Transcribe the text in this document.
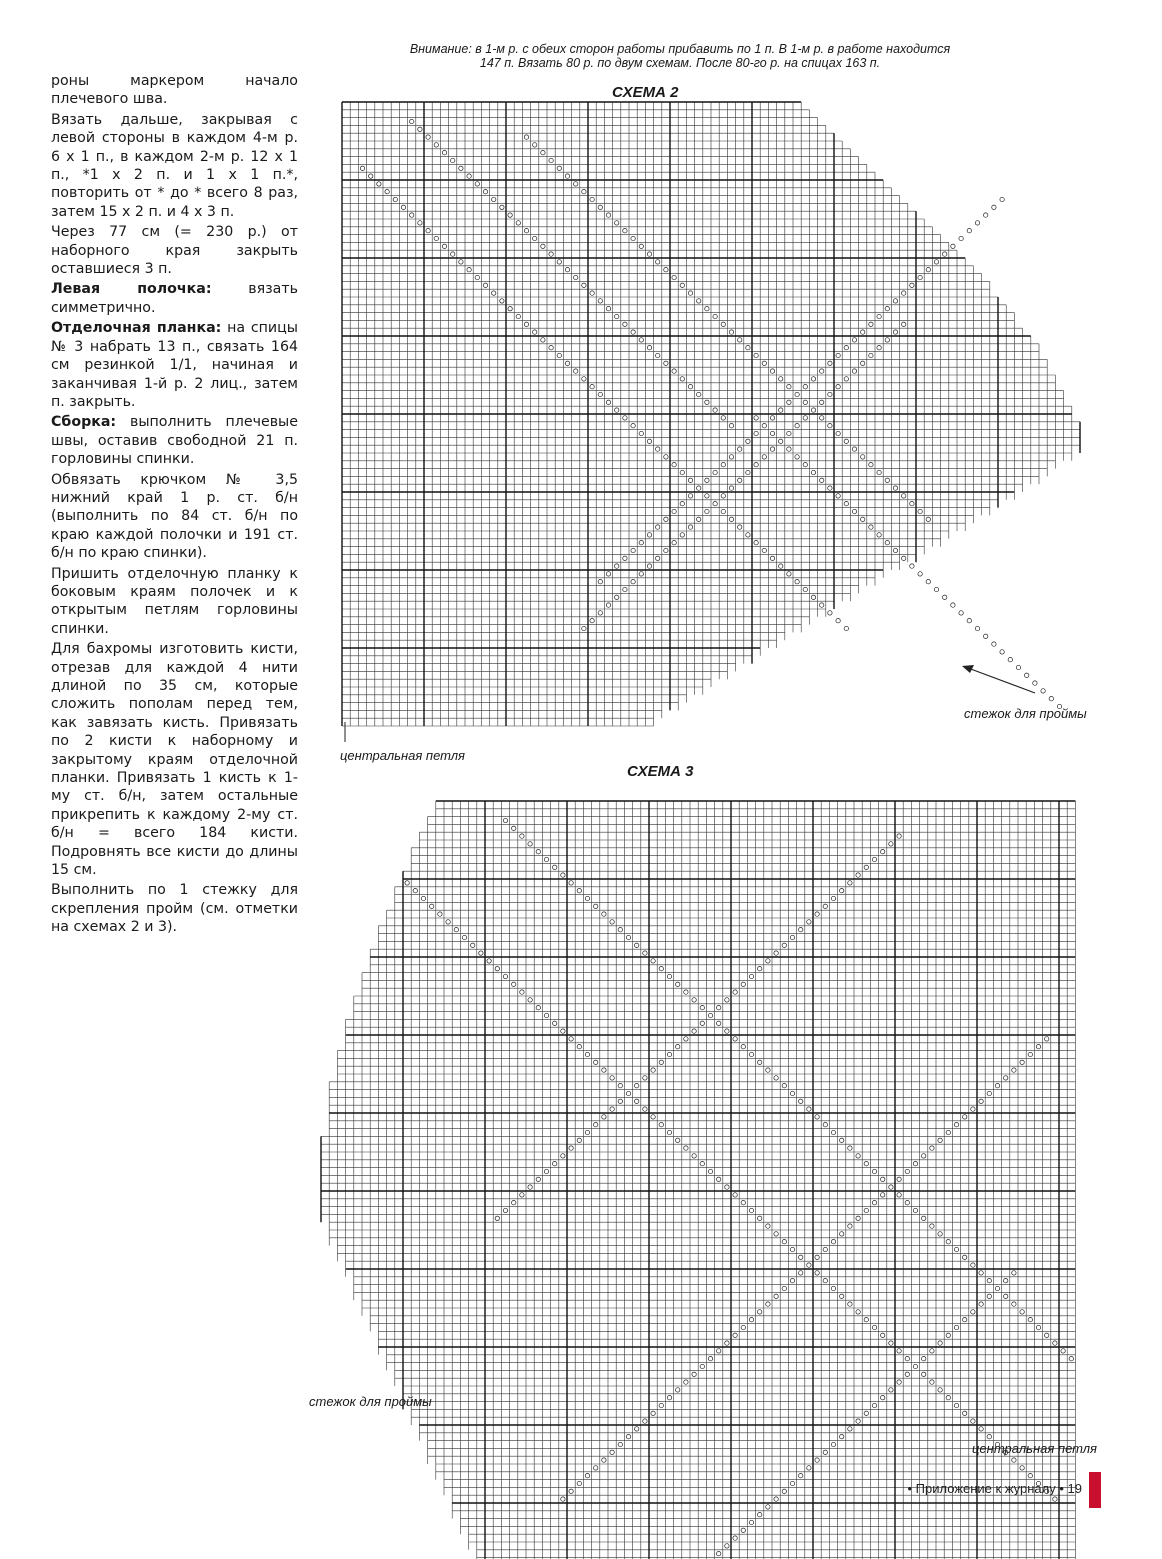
роны маркером начало плечевого шва.

Вязать дальше, закрывая с левой стороны в каждом 4-м р. 6 х 1 п., в каждом 2-м р. 12 х 1 п., *1 х 2 п. и 1 х 1 п.*, повторить от * до * всего 8 раз, затем 15 х 2 п. и 4 х 3 п.

Через 77 см (= 230 р.) от наборного края закрыть оставшиеся 3 п.

Левая полочка: вязать симметрично.

Отделочная планка: на спицы № 3 набрать 13 п., связать 164 см резинкой 1/1, начиная и заканчивая 1-й р. 2 лиц., затем п. закрыть.

Сборка: выполнить плечевые швы, оставив свободной 21 п. горловины спинки.

Обвязать крючком № 3,5 нижний край 1 р. ст. б/н (выполнить по 84 ст. б/н по краю каждой полочки и 191 ст. б/н по краю спинки).

Пришить отделочную планку к боковым краям полочек и к открытым петлям горловины спинки.

Для бахромы изготовить кисти, отрезав для каждой 4 нити длиной по 35 см, которые сложить пополам перед тем, как завязать кисть. Привязать по 2 кисти к наборному и закрытому краям отделочной планки. Привязать 1 кисть к 1-му ст. б/н, затем остальные прикрепить к каждому 2-му ст. б/н = всего 184 кисти. Подровнять все кисти до длины 15 см.

Выполнить по 1 стежку для скрепления пройм (см. отметки на схемах 2 и 3).

Внимание: в 1-м р. с обеих сторон работы прибавить по 1 п. В 1-м р. в работе находится
147 п. Вязать 80 р. по двум схемам. После 80-го р. на спицах 163 п.
СХЕМА 2
СХЕМА 3
стежок для проймы
центральная петля
стежок для проймы
центральная петля
• Приложение к журналу • 19
